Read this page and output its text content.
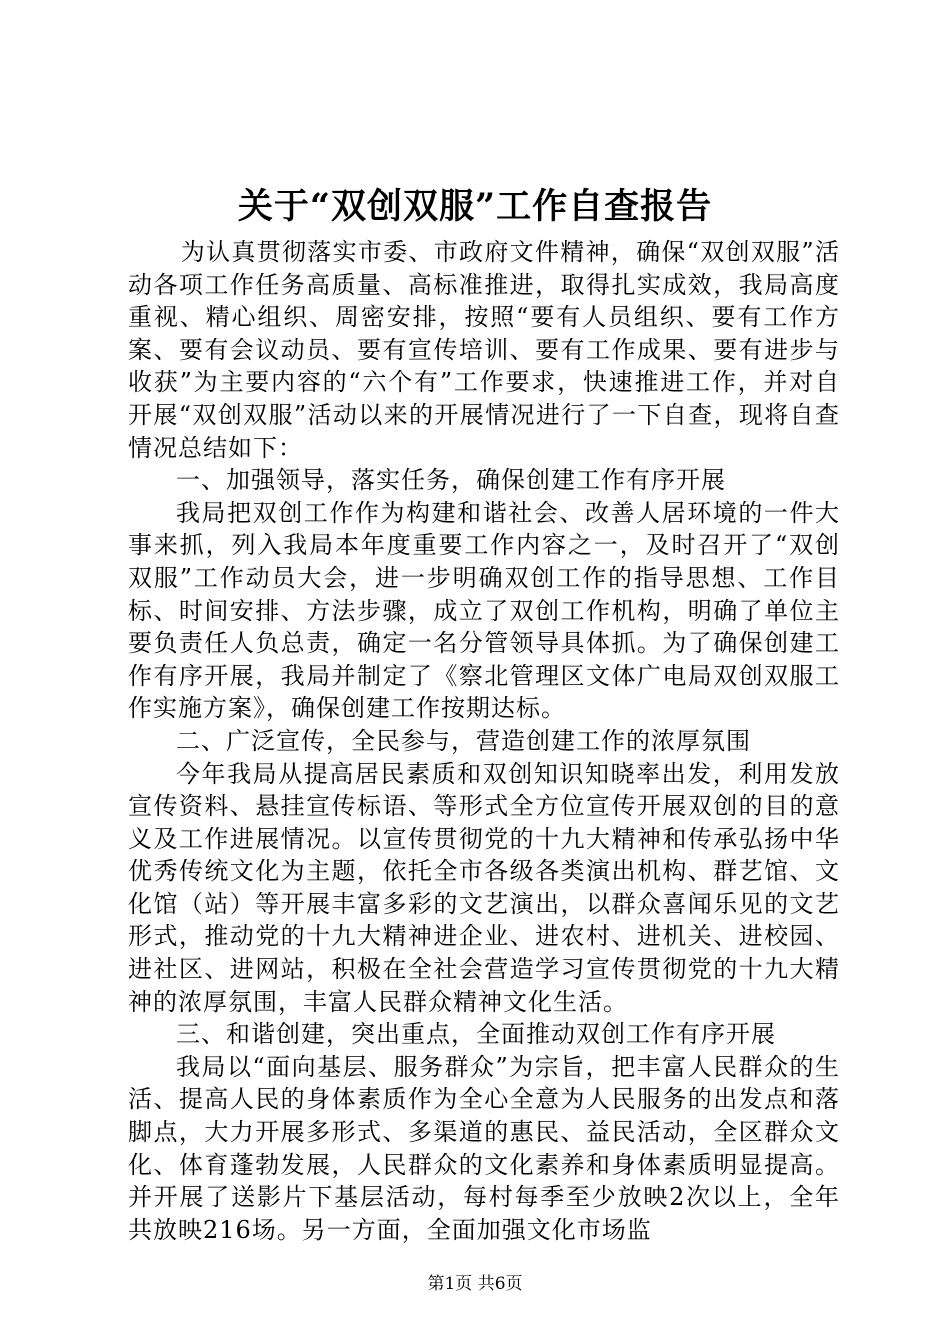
关于“双创双服”工作自查报告

为认真贯彻落实市委、市政府文件精神，确保“双创双服”活动各项工作任务高质量、高标准推进，取得扎实成效，我局高度重视、精心组织、周密安排，按照“要有人员组织、要有工作方案、要有会议动员、要有宣传培训、要有工作成果、要有进步与收获”为主要内容的“六个有”工作要求，快速推进工作，并对自开展“双创双服”活动以来的开展情况进行了一下自查，现将自查情况总结如下：

一、加强领导，落实任务，确保创建工作有序开展

我局把双创工作作为构建和谐社会、改善人居环境的一件大事来抓，列入我局本年度重要工作内容之一，及时召开了“双创双服”工作动员大会，进一步明确双创工作的指导思想、工作目标、时间安排、方法步骤，成立了双创工作机构，明确了单位主要负责任人负总责，确定一名分管领导具体抓。为了确保创建工作有序开展，我局并制定了《察北管理区文体广电局双创双服工作实施方案》，确保创建工作按期达标。

二、广泛宣传，全民参与，营造创建工作的浓厚氛围

今年我局从提高居民素质和双创知识知晓率出发，利用发放宣传资料、悬挂宣传标语、等形式全方位宣传开展双创的目的意义及工作进展情况。以宣传贯彻党的十九大精神和传承弘扬中华优秀传统文化为主题，依托全市各级各类演出机构、群艺馆、文化馆（站）等开展丰富多彩的文艺演出，以群众喜闻乐见的文艺形式，推动党的十九大精神进企业、进农村、进机关、进校园、进社区、进网站，积极在全社会营造学习宣传贯彻党的十九大精神的浓厚氛围，丰富人民群众精神文化生活。

三、和谐创建，突出重点，全面推动双创工作有序开展

我局以“面向基层、服务群众”为宗旨，把丰富人民群众的生活、提高人民的身体素质作为全心全意为人民服务的出发点和落脚点，大力开展多形式、多渠道的惠民、益民活动，全区群众文化、体育蓬勃发展，人民群众的文化素养和身体素质明显提高。并开展了送影片下基层活动，每村每季至少放映2次以上，全年共放映216场。另一方面，全面加强文化市场监

第1页 共6页
